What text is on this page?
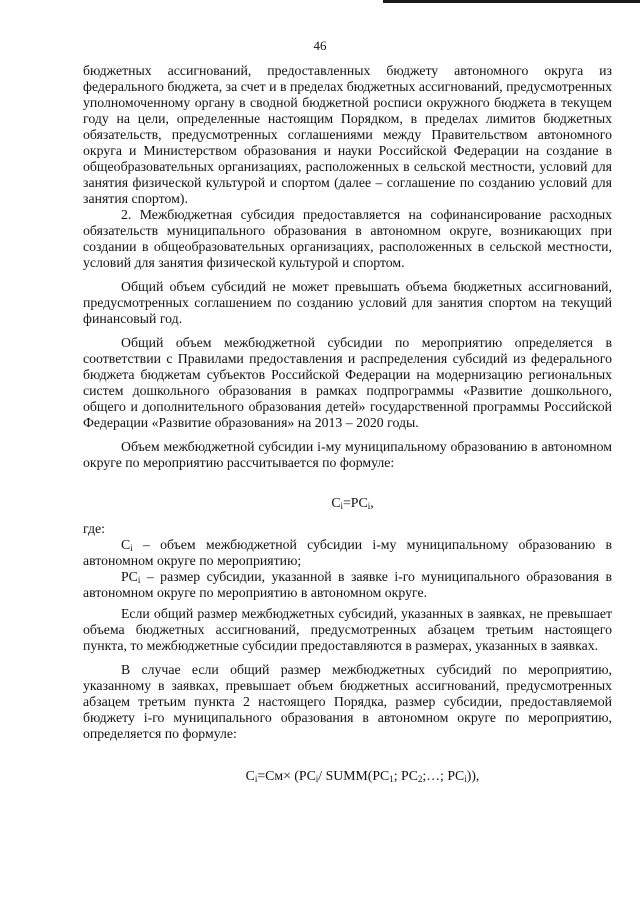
46

бюджетных ассигнований, предоставленных бюджету автономного округа из федерального бюджета, за счет и в пределах бюджетных ассигнований, предусмотренных уполномоченному органу в сводной бюджетной росписи окружного бюджета в текущем году на цели, определенные настоящим Порядком, в пределах лимитов бюджетных обязательств, предусмотренных соглашениями между Правительством автономного округа и Министерством образования и науки Российской Федерации на создание в общеобразовательных организациях, расположенных в сельской местности, условий для занятия физической культурой и спортом (далее – соглашение по созданию условий для занятия спортом).

2. Межбюджетная субсидия предоставляется на софинансирование расходных обязательств муниципального образования в автономном округе, возникающих при создании в общеобразовательных организациях, расположенных в сельской местности, условий для занятия физической культурой и спортом.

Общий объем субсидий не может превышать объема бюджетных ассигнований, предусмотренных соглашением по созданию условий для занятия спортом на текущий финансовый год.

Общий объем межбюджетной субсидии по мероприятию определяется в соответствии с Правилами предоставления и распределения субсидий из федерального бюджета бюджетам субъектов Российской Федерации на модернизацию региональных систем дошкольного образования в рамках подпрограммы «Развитие дошкольного, общего и дополнительного образования детей» государственной программы Российской Федерации «Развитие образования» на 2013 – 2020 годы.

Объем межбюджетной субсидии i-му муниципальному образованию в автономном округе по мероприятию рассчитывается по формуле:

$C_i=PC_i$,

где:

$C_i$ – объем межбюджетной субсидии i-му муниципальному образованию в автономном округе по мероприятию;

$PC_i$ – размер субсидии, указанной в заявке i-го муниципального образования в автономном округе по мероприятию в автономном округе.

Если общий размер межбюджетных субсидий, указанных в заявках, не превышает объема бюджетных ассигнований, предусмотренных абзацем третьим настоящего пункта, то межбюджетные субсидии предоставляются в размерах, указанных в заявках.

В случае если общий размер межбюджетных субсидий по мероприятию, указанному в заявках, превышает объем бюджетных ассигнований, предусмотренных абзацем третьим пункта 2 настоящего Порядка, размер субсидии, предоставляемой бюджету i-го муниципального образования в автономном округе по мероприятию, определяется по формуле:

$C_i=Cм\times (PC_i/$ $SUMM(PC_1$; $PC_2;\dots$; $PC_i$)),
